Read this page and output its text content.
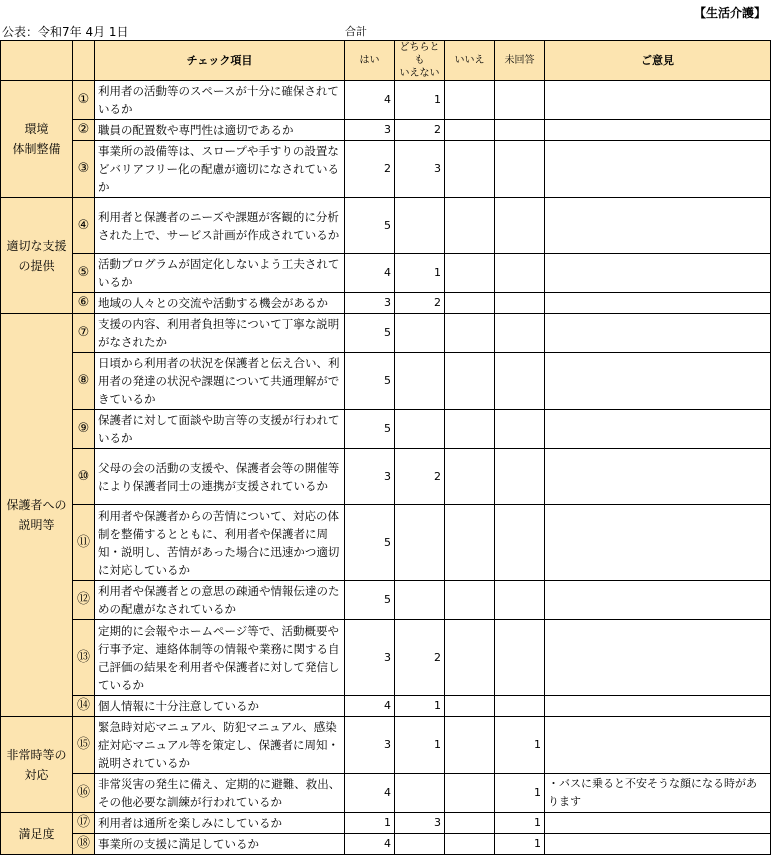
【生活介護】
公表：令和7年 4月 1日	合計
		チェック項目	はい	どちらとも
いえない	いいえ	未回答	ご意見
環境
体制整備	①	利用者の活動等のスペースが十分に確保されているか	4	1			
	②	職員の配置数や専門性は適切であるか	3	2			
	③	事業所の設備等は、スロープや手すりの設置などバリアフリー化の配慮が適切になされているか	2	3			
適切な支援
の提供	④	利用者と保護者のニーズや課題が客観的に分析された上で、サービス計画が作成されているか	5				
	⑤	活動プログラムが固定化しないよう工夫されているか	4	1			
	⑥	地域の人々との交流や活動する機会があるか	3	2			
保護者への
説明等	⑦	支援の内容、利用者負担等について丁寧な説明がなされたか	5				
	⑧	日頃から利用者の状況を保護者と伝え合い、利用者の発達の状況や課題について共通理解ができているか	5				
	⑨	保護者に対して面談や助言等の支援が行われているか	5				
	⑩	父母の会の活動の支援や、保護者会等の開催等により保護者同士の連携が支援されているか	3	2			
	⑪	利用者や保護者からの苦情について、対応の体制を整備するとともに、利用者や保護者に周知・説明し、苦情があった場合に迅速かつ適切に対応しているか	5				
	⑫	利用者や保護者との意思の疎通や情報伝達のための配慮がなされているか	5				
	⑬	定期的に会報やホームページ等で、活動概要や行事予定、連絡体制等の情報や業務に関する自己評価の結果を利用者や保護者に対して発信しているか	3	2			
	⑭	個人情報に十分注意しているか	4	1			
非常時等の
対応	⑮	緊急時対応マニュアル、防犯マニュアル、感染症対応マニュアル等を策定し、保護者に周知・説明されているか	3	1		1	
	⑯	非常災害の発生に備え、定期的に避難、救出、その他必要な訓練が行われているか	4			1	・バスに乗ると不安そうな顔になる時があります
満足度	⑰	利用者は通所を楽しみにしているか	1	3		1	
	⑱	事業所の支援に満足しているか	4			1	
